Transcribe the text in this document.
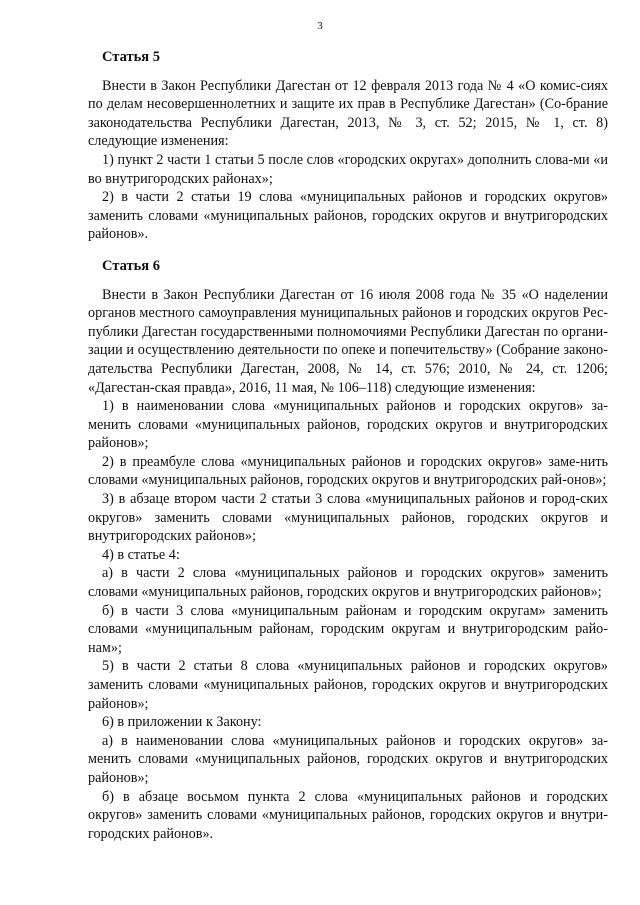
3
Статья 5

Внести в Закон Республики Дагестан от 12 февраля 2013 года № 4 «О комис-сиях по делам несовершеннолетних и защите их прав в Республике Дагестан» (Со-брание законодательства Республики Дагестан, 2013, № 3, ст. 52; 2015, № 1, ст. 8) следующие изменения:

1) пункт 2 части 1 статьи 5 после слов «городских округах» дополнить слова-ми «и во внутригородских районах»;

2) в части 2 статьи 19 слова «муниципальных районов и городских округов» заменить словами «муниципальных районов, городских округов и внутригородских районов».

Статья 6

Внести в Закон Республики Дагестан от 16 июля 2008 года № 35 «О наделении органов местного самоуправления муниципальных районов и городских округов Рес-публики Дагестан государственными полномочиями Республики Дагестан по органи-зации и осуществлению деятельности по опеке и попечительству» (Собрание законо-дательства Республики Дагестан, 2008, № 14, ст. 576; 2010, № 24, ст. 1206; «Дагестан-ская правда», 2016, 11 мая, № 106–118) следующие изменения:

1) в наименовании слова «муниципальных районов и городских округов» за-менить словами «муниципальных районов, городских округов и внутригородских районов»;

2) в преамбуле слова «муниципальных районов и городских округов» заме-нить словами «муниципальных районов, городских округов и внутригородских рай-онов»;

3) в абзаце втором части 2 статьи 3 слова «муниципальных районов и город-ских округов» заменить словами «муниципальных районов, городских округов и внутригородских районов»;

4) в статье 4:

а) в части 2 слова «муниципальных районов и городских округов» заменить словами «муниципальных районов, городских округов и внутригородских районов»;

б) в части 3 слова «муниципальным районам и городским округам» заменить словами «муниципальным районам, городским округам и внутригородским райо-нам»;

5) в части 2 статьи 8 слова «муниципальных районов и городских округов» заменить словами «муниципальных районов, городских округов и внутригородских районов»;

6) в приложении к Закону:

а) в наименовании слова «муниципальных районов и городских округов» за-менить словами «муниципальных районов, городских округов и внутригородских районов»;

б) в абзаце восьмом пункта 2 слова «муниципальных районов и городских округов» заменить словами «муниципальных районов, городских округов и внутри-городских районов».
